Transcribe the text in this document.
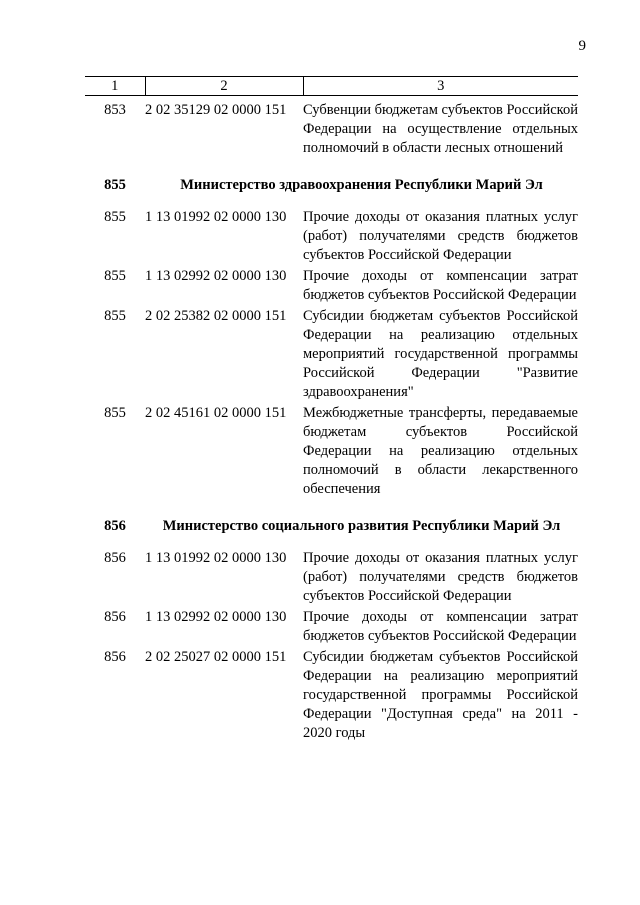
9
1	2	3
853	2 02 35129 02 0000 151	Субвенции бюджетам субъектов Российской Федерации на осуществление отдельных полномочий в области лесных отношений
855	Министерство здравоохранения Республики Марий Эл	
855	1 13 01992 02 0000 130	Прочие доходы от оказания платных услуг (работ) получателями средств бюджетов субъектов Российской Федерации
855	1 13 02992 02 0000 130	Прочие доходы от компенсации затрат бюджетов субъектов Российской Федерации
855	2 02 25382 02 0000 151	Субсидии бюджетам субъектов Российской Федерации на реализацию отдельных мероприятий государственной программы Российской Федерации "Развитие здравоохранения"
855	2 02 45161 02 0000 151	Межбюджетные трансферты, передаваемые бюджетам субъектов Российской Федерации на реализацию отдельных полномочий в области лекарственного обеспечения
856	Министерство социального развития Республики Марий Эл	
856	1 13 01992 02 0000 130	Прочие доходы от оказания платных услуг (работ) получателями средств бюджетов субъектов Российской Федерации
856	1 13 02992 02 0000 130	Прочие доходы от компенсации затрат бюджетов субъектов Российской Федерации
856	2 02 25027 02 0000 151	Субсидии бюджетам субъектов Российской Федерации на реализацию мероприятий государственной программы Российской Федерации "Доступная среда" на 2011 - 2020 годы
